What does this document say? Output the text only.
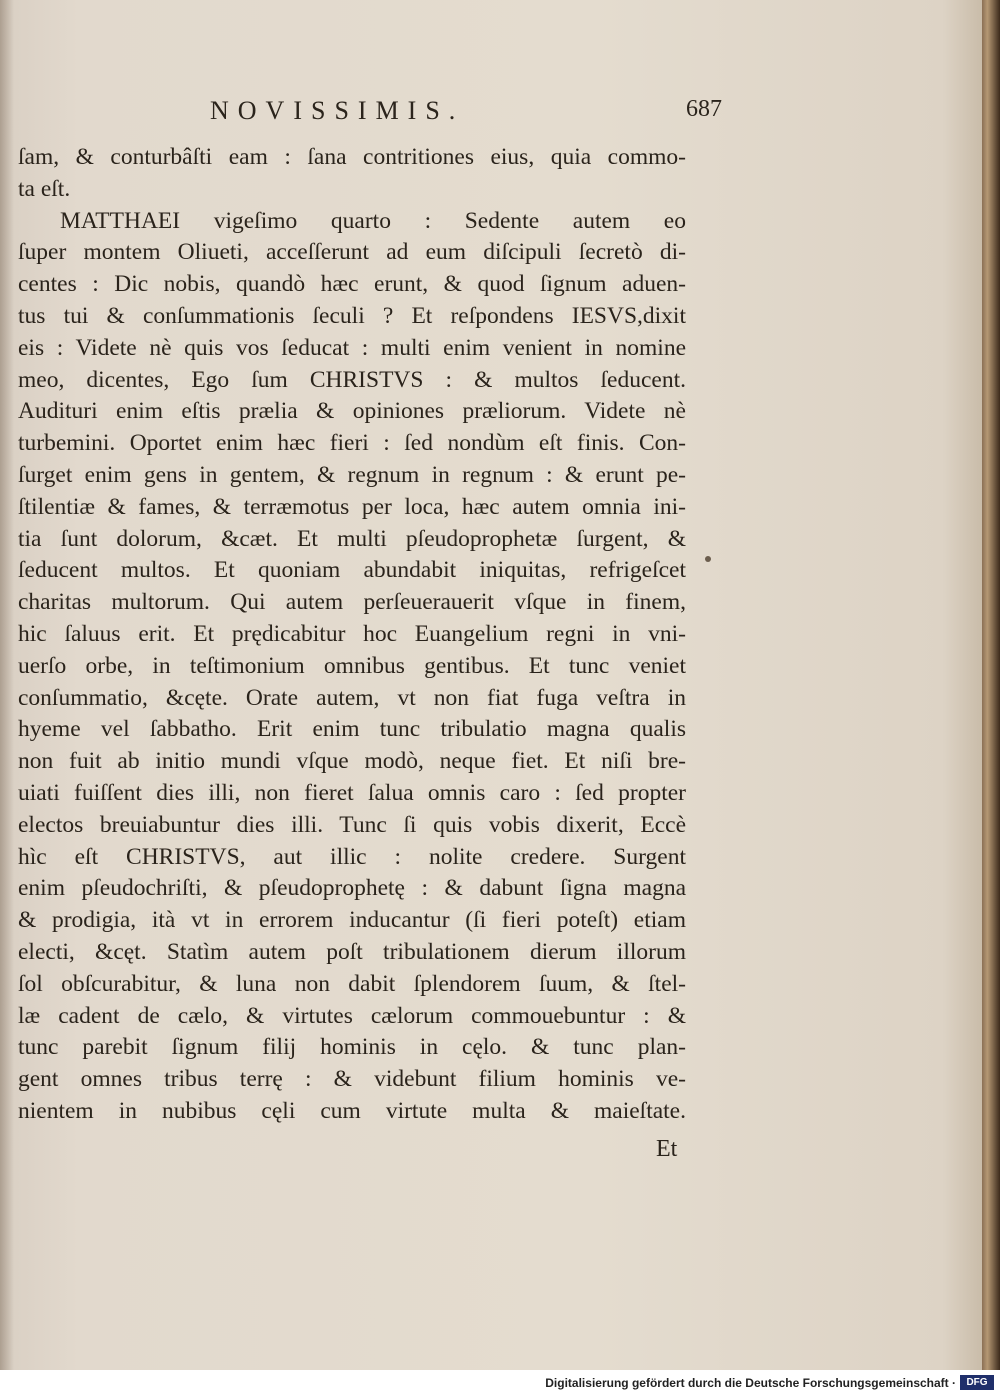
NOVISSIMIS.	687
ſam, & conturbâſti eam : ſana contritiones eius, quia commo-
ta eſt.
MATTHAEI vigeſimo quarto : Sedente autem eo
ſuper montem Oliueti, acceſſerunt ad eum diſcipuli ſecretò di-
centes : Dic nobis, quandò hæc erunt, & quod ſignum aduen-
tus tui & conſummationis ſeculi ? Et reſpondens IESVS,dixit
eis : Videte nè quis vos ſeducat : multi enim venient in nomine
meo, dicentes, Ego ſum CHRISTVS : & multos ſeducent.
Audituri enim eſtis prælia & opiniones præliorum. Videte nè
turbemini. Oportet enim hæc fieri : ſed nondùm eſt finis. Con-
ſurget enim gens in gentem, & regnum in regnum : & erunt pe-
ſtilentiæ & fames, & terræmotus per loca, hæc autem omnia ini-
tia ſunt dolorum, &cæt. Et multi pſeudoprophetæ ſurgent, &
ſeducent multos. Et quoniam abundabit iniquitas, refrigeſcet
charitas multorum. Qui autem perſeuerauerit vſque in finem,
hic ſaluus erit. Et prędicabitur hoc Euangelium regni in vni-
uerſo orbe, in teſtimonium omnibus gentibus. Et tunc veniet
conſummatio, &cęte. Orate autem, vt non fiat fuga veſtra in
hyeme vel ſabbatho. Erit enim tunc tribulatio magna qualis
non fuit ab initio mundi vſque modò, neque fiet. Et niſi bre-
uiati fuiſſent dies illi, non fieret ſalua omnis caro : ſed propter
electos breuiabuntur dies illi. Tunc ſi quis vobis dixerit, Eccè
hìc eſt CHRISTVS, aut illic : nolite credere. Surgent
enim pſeudochriſti, & pſeudoprophetę : & dabunt ſigna magna
& prodigia, ità vt in errorem inducantur (ſi fieri poteſt) etiam
electi, &cęt. Statìm autem poſt tribulationem dierum illorum
ſol obſcurabitur, & luna non dabit ſplendorem ſuum, & ſtel-
læ cadent de cælo, & virtutes cælorum commouebuntur : &
tunc parebit ſignum filij hominis in cęlo. & tunc plan-
gent omnes tribus terrę : & videbunt filium hominis ve-
nientem in nubibus cęli cum virtute multa & maieſtate.
Et
Digitalisierung gefördert durch die Deutsche Forschungsgemeinschaft ·	DFG
